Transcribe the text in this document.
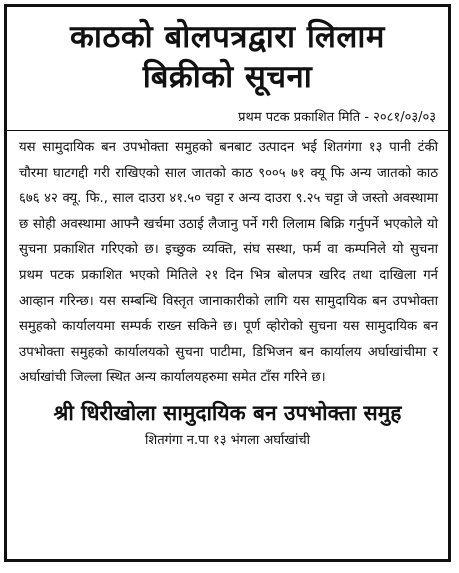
काठको बोलपत्रद्वारा लिलाम
बिक्रीको सूचना
प्रथम पटक प्रकाशित मिति - २०८१/०३/०३
यस सामुदायिक बन उपभोक्ता समुहको बनबाट उत्पादन भई शितगंगा १३ पानी टंकी चौरमा घाटगद्दी गरी राखिएको साल जातको काठ ९००५ ७१ क्यू फि अन्य जातको काठ ६७६ ४२ क्यू. फि., साल दाउरा ४१.५० चट्टा र अन्य दाउरा ९.२५ चट्टा जे जस्तो अवस्थामा छ सोही अवस्थामा आफ्नै खर्चमा उठाई लैजानु पर्ने गरी लिलाम बिक्रि गर्नुपर्ने भएकोले यो सुचना प्रकाशित गरिएको छ। इच्छुक व्यक्ति, संघ सस्था, फर्म वा कम्पनिले यो सुचना प्रथम पटक प्रकाशित भएको मितिले २१ दिन भित्र बोलपत्र खरिद तथा दाखिला गर्न आव्हान गरिन्छ। यस सम्बन्धि विस्तृत जानाकारीको लागि यस सामुदायिक बन उपभोक्ता समुहको कार्यालयमा सम्पर्क राख्न सकिने छ। पूर्ण व्होरोको सुचना यस सामुदायिक बन उपभोक्ता समुहको कार्यालयको सुचना पाटीमा, डिभिजन बन कार्यालय अर्घाखांचीमा र अर्घाखांची जिल्ला स्थित अन्य कार्यालयहरुमा समेत टाँस गरिने छ।
श्री धिरीखोला सामुदायिक बन उपभोक्ता समुह
शितगंगा न.पा १३ भंगला अर्घाखांची
